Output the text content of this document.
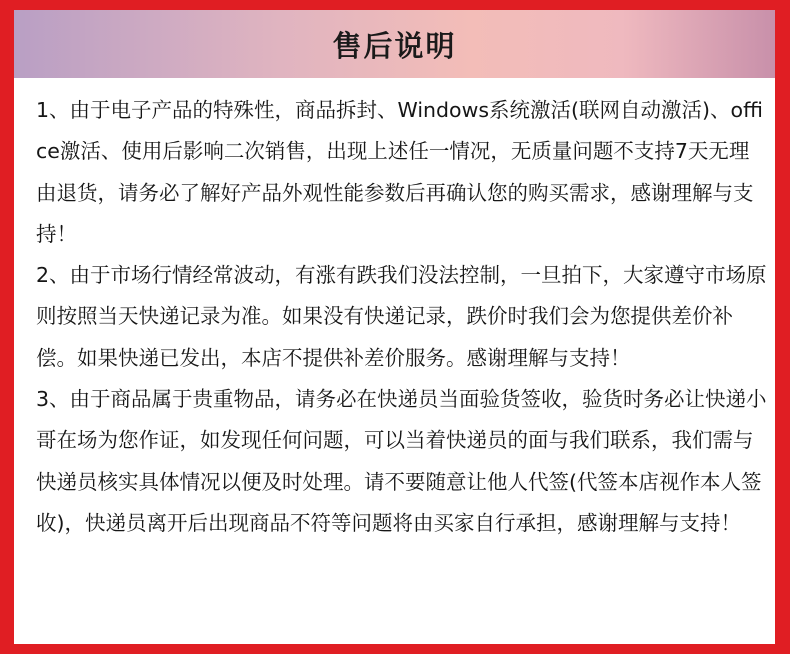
售后说明

1、由于电子产品的特殊性，商品拆封、Windows系统激活(联网自动激活)、office激活、使用后影响二次销售，出现上述任一情况，无质量问题不支持7天无理由退货，请务必了解好产品外观性能参数后再确认您的购买需求，感谢理解与支持！

2、由于市场行情经常波动，有涨有跌我们没法控制，一旦拍下，大家遵守市场原则按照当天快递记录为准。如果没有快递记录，跌价时我们会为您提供差价补偿。如果快递已发出，本店不提供补差价服务。感谢理解与支持！

3、由于商品属于贵重物品，请务必在快递员当面验货签收，验货时务必让快递小哥在场为您作证，如发现任何问题，可以当着快递员的面与我们联系，我们需与快递员核实具体情况以便及时处理。请不要随意让他人代签(代签本店视作本人签收)，快递员离开后出现商品不符等问题将由买家自行承担，感谢理解与支持！
